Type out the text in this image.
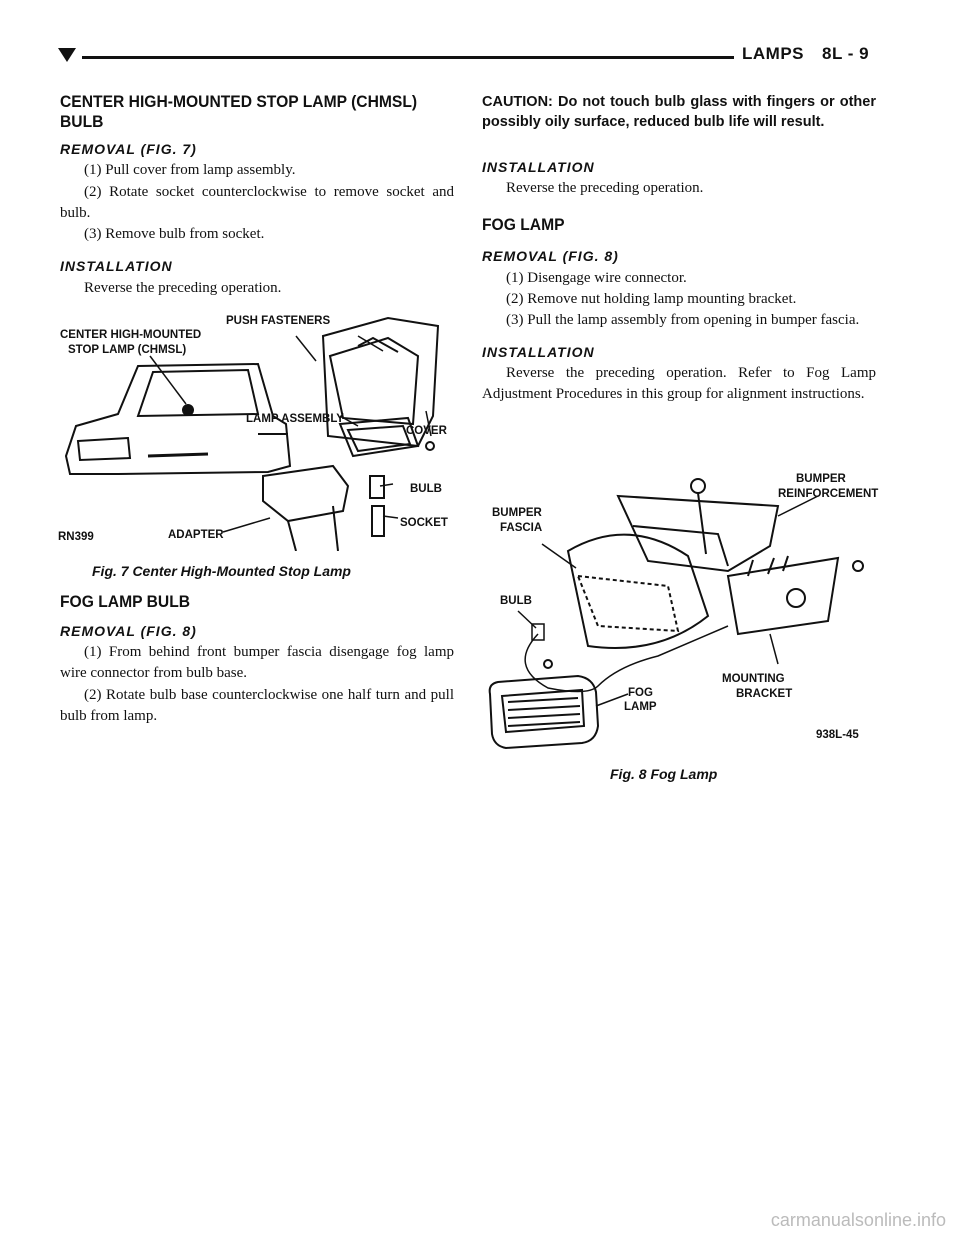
LAMPS 8L - 9
CENTER HIGH-MOUNTED STOP LAMP (CHMSL) BULB
REMOVAL (FIG. 7)

(1) Pull cover from lamp assembly.

(2) Rotate socket counterclockwise to remove socket and bulb.

(3) Remove bulb from socket.

INSTALLATION

Reverse the preceding operation.

CENTER HIGH-MOUNTED
STOP LAMP (CHMSL)
PUSH FASTENERS
LAMP ASSEMBLY
COVER
BULB
SOCKET
ADAPTER
RN399
Fig. 7 Center High-Mounted Stop Lamp
FOG LAMP BULB
REMOVAL (FIG. 8)

(1) From behind front bumper fascia disengage fog lamp wire connector from bulb base.

(2) Rotate bulb base counterclockwise one half turn and pull bulb from lamp.

CAUTION: Do not touch bulb glass with fingers or other possibly oily surface, reduced bulb life will result.

INSTALLATION

Reverse the preceding operation.

FOG LAMP
REMOVAL (FIG. 8)

(1) Disengage wire connector.

(2) Remove nut holding lamp mounting bracket.

(3) Pull the lamp assembly from opening in bumper fascia.

INSTALLATION

Reverse the preceding operation. Refer to Fog Lamp Adjustment Procedures in this group for alignment instructions.

BUMPER
REINFORCEMENT
BUMPER
FASCIA
BULB
FOG
LAMP
MOUNTING
BRACKET
938L-45
Fig. 8 Fog Lamp
carmanualsonline.info
